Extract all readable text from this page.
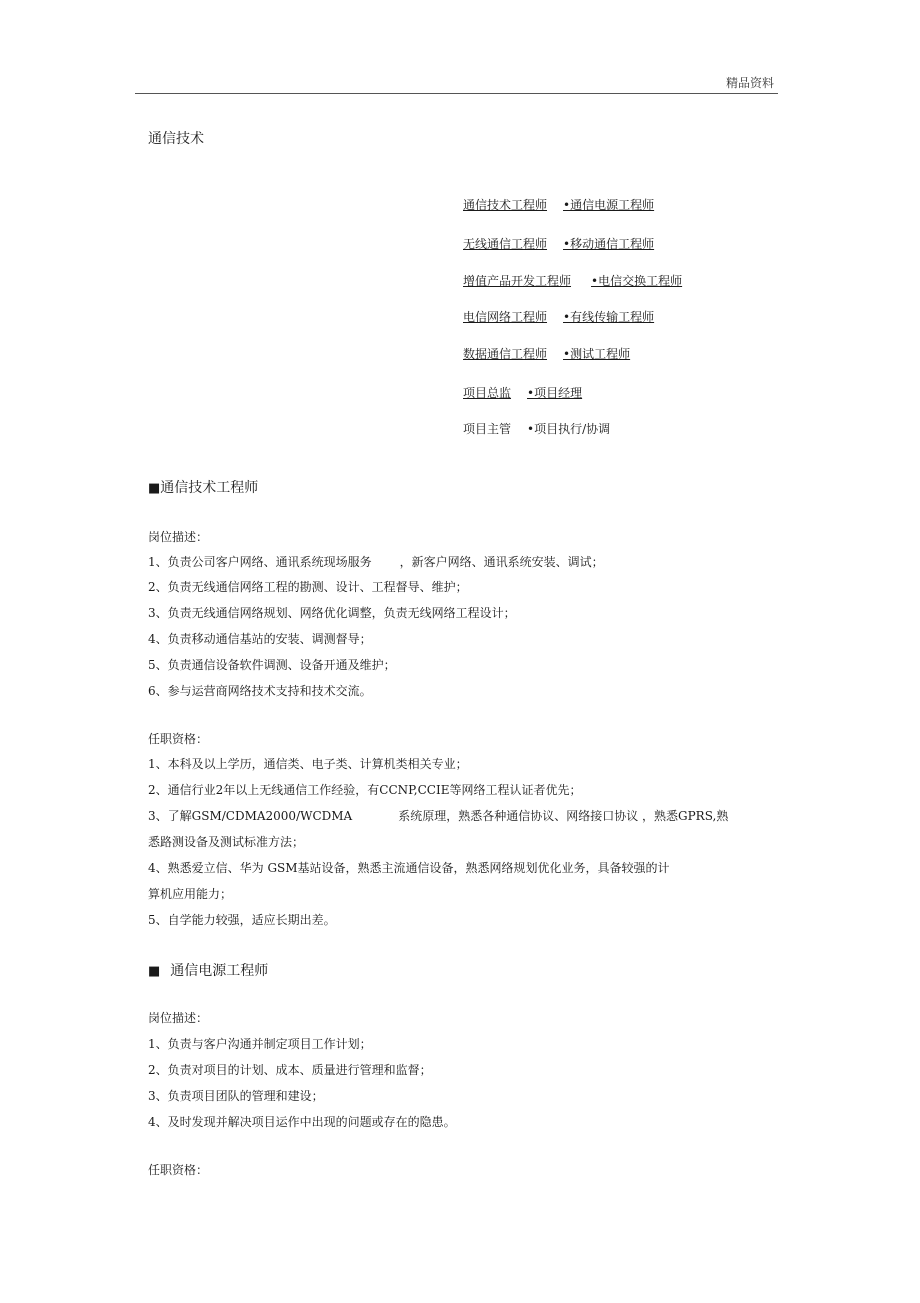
精品资料
通信技术
通信技术工程师 •通信电源工程师
无线通信工程师 •移动通信工程师
增值产品开发工程师 •电信交换工程师
电信网络工程师 •有线传输工程师
数据通信工程师 •测试工程师
项目总监 •项目经理
项目主管 •项目执行/协调
■通信技术工程师
岗位描述：
1、负责公司客户网络、通讯系统现场服务 ，新客户网络、通讯系统安装、调试；
2、负责无线通信网络工程的勘测、设计、工程督导、维护；
3、负责无线通信网络规划、网络优化调整，负责无线网络工程设计；
4、负责移动通信基站的安装、调测督导；
5、负责通信设备软件调测、设备开通及维护；
6、参与运营商网络技术支持和技术交流。
任职资格：
1、本科及以上学历，通信类、电子类、计算机类相关专业；
2、通信行业2年以上无线通信工作经验，有CCNP,CCIE等网络工程认证者优先；
3、了解GSM/CDMA2000/WCDMA	系统原理，熟悉各种通信协议、网络接口协议 ，熟悉GPRS,熟
悉路测设备及测试标准方法；
4、熟悉爱立信、华为 GSM基站设备，熟悉主流通信设备，熟悉网络规划优化业务，具备较强的计
算机应用能力；
5、自学能力较强，适应长期出差。
■ 通信电源工程师
岗位描述：
1、负责与客户沟通并制定项目工作计划；
2、负责对项目的计划、成本、质量进行管理和监督；
3、负责项目团队的管理和建设；
4、及时发现并解决项目运作中出现的问题或存在的隐患。
任职资格：
